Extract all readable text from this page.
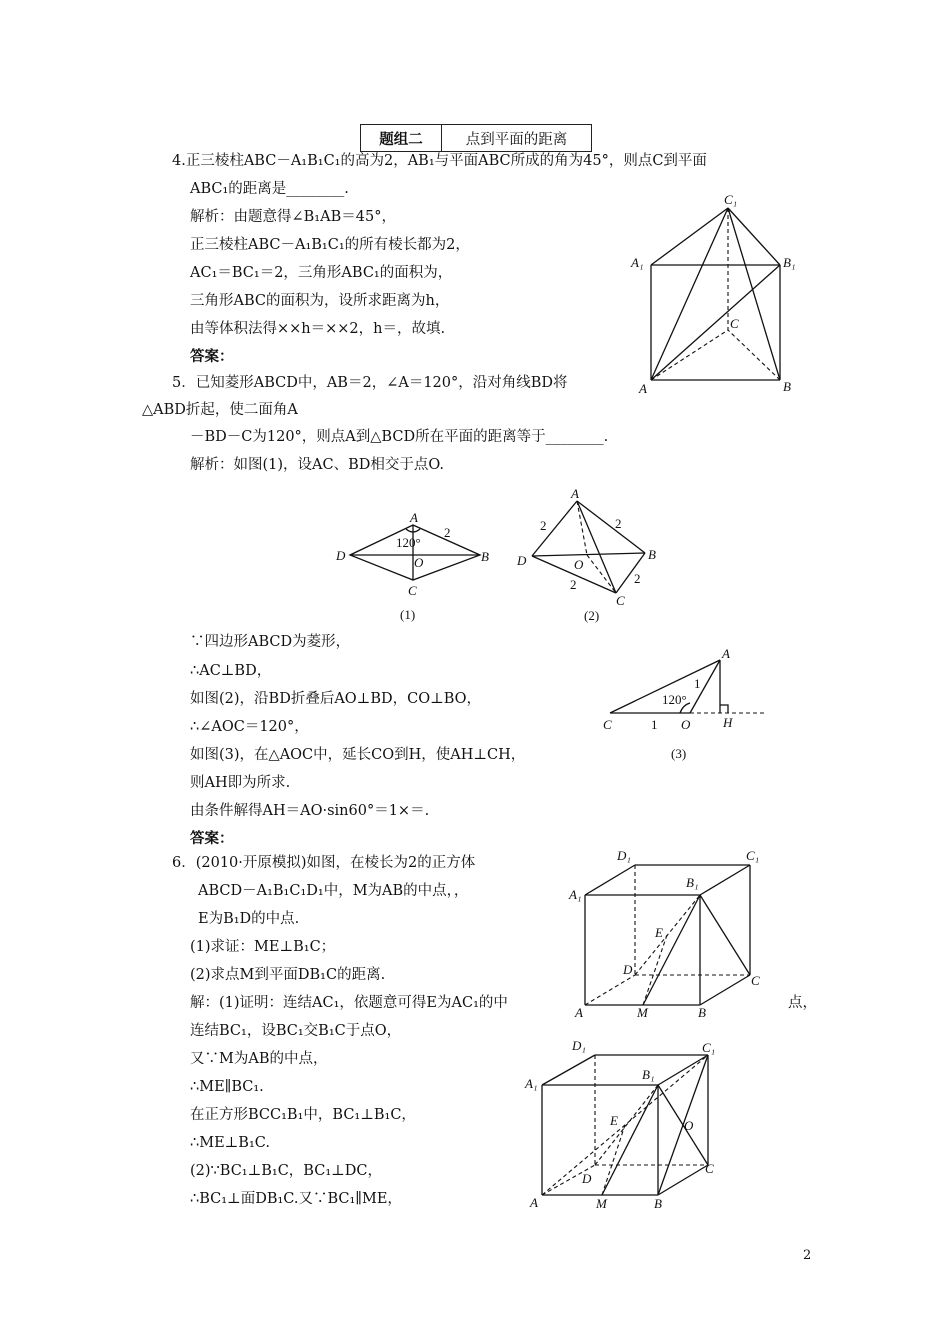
题组二	点到平面的距离
4.正三棱柱ABC－A₁B₁C₁的高为2，AB₁与平面ABC所成的角为45°，则点C到平面
ABC₁的距离是________.
解析：由题意得∠B₁AB＝45°，
正三棱柱ABC－A₁B₁C₁的所有棱长都为2，
AC₁＝BC₁＝2，三角形ABC₁的面积为，
三角形ABC的面积为，设所求距离为h，
由等体积法得××h＝××2，h＝，故填.
答案：
5．已知菱形ABCD中，AB＝2，∠A＝120°，沿对角线BD将
△ABD折起，使二面角A
－BD－C为120°，则点A到△BCD所在平面的距离等于________.
解析：如图(1)，设AC、BD相交于点O.
∵四边形ABCD为菱形，
∴AC⊥BD，
如图(2)，沿BD折叠后AO⊥BD，CO⊥BO，
∴∠AOC＝120°，
如图(3)，在△AOC中，延长CO到H，使AH⊥CH，
则AH即为所求.
由条件解得AH＝AO·sin60°＝1×＝.
答案：
6．(2010·开原模拟)如图，在棱长为2的正方体
ABCD－A₁B₁C₁D₁中，M为AB的中点，，
E为B₁D的中点.
(1)求证：ME⊥B₁C；
(2)求点M到平面DB₁C的距离.
解：(1)证明：连结AC₁，依题意可得E为AC₁的中	点，
连结BC₁，设BC₁交B₁C于点O，
又∵M为AB的中点，
∴ME∥BC₁.
在正方形BCC₁B₁中，BC₁⊥B₁C，
∴ME⊥B₁C.
(2)∵BC₁⊥B₁C，BC₁⊥DC，
∴BC₁⊥面DB₁C.又∵BC₁∥ME，
C₁
A₁	B₁
C
A	B
A
2
120°
D	O	B
C
(1)
A
2	2
B
D	O
2	2
C
(2)
A
1
120°
C	1 O	H
(3)
D₁	C₁
A₁
B₁
E
D
C
A	M	B
D₁	C₁
A₁
B₁
E	O
D
C
A	M	B
2
